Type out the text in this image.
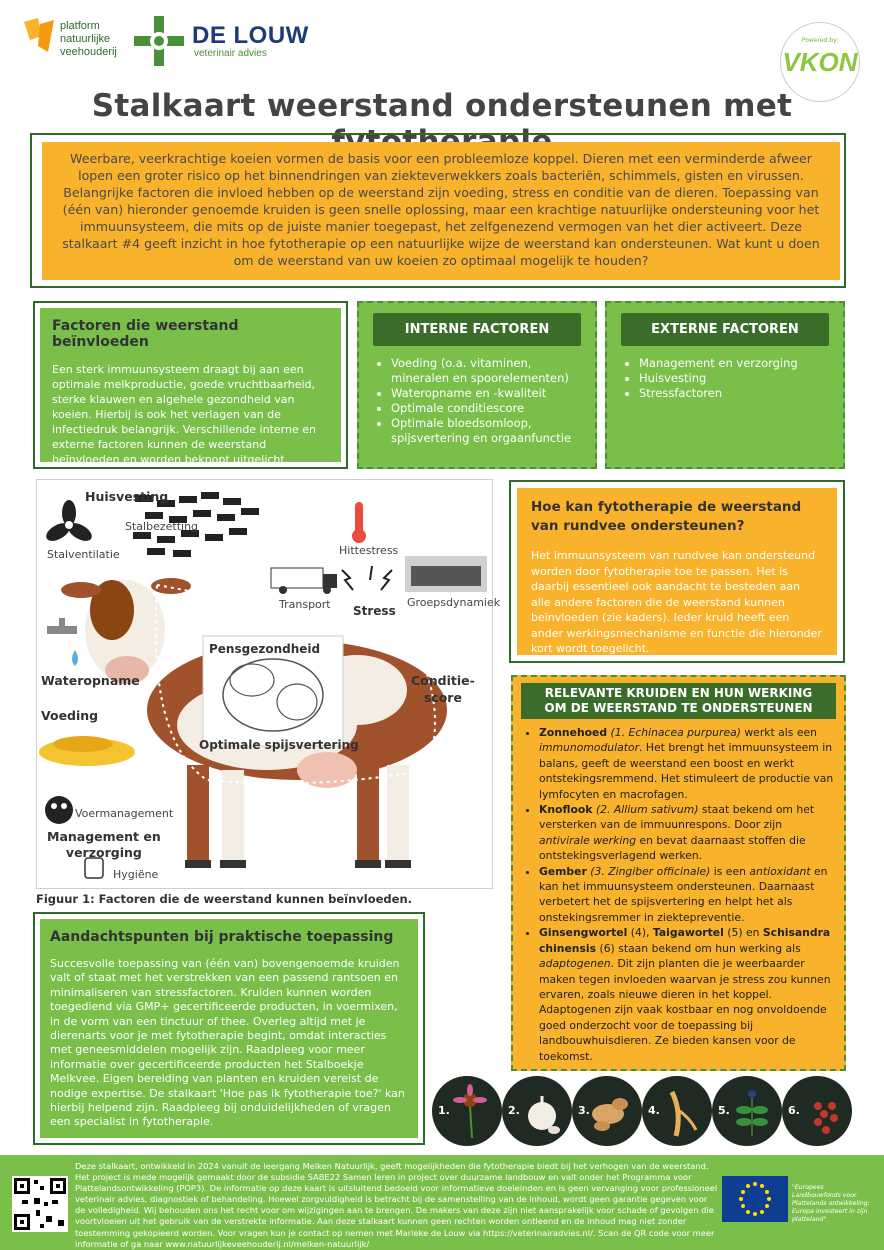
platform
natuurlijke
veehouderij
DE LOUW
veterinair advies
Powered by:
VKON
Stalkaart weerstand ondersteunen met
Weerbare, veerkrachtige koeien vormen de basis voor een probleemloze koppel. Dieren met een verminderde afweer lopen een groter risico op het binnendringen van ziekteverwekkers zoals bacteriën, schimmels, gisten en virussen. Belangrijke factoren die invloed hebben op de weerstand zijn voeding, stress en conditie van de dieren. Toepassing van (één van) hieronder genoemde kruiden is geen snelle oplossing, maar een krachtige natuurlijke ondersteuning voor het immuunsysteem, die mits op de juiste manier toegepast, het zelfgenezend vermogen van het dier activeert. Deze stalkaart #4 geeft inzicht in hoe fytotherapie op een natuurlijke wijze de weerstand kan ondersteunen. Wat kunt u doen om de weerstand van uw koeien zo optimaal mogelijk te houden?
Factoren die weerstand beïnvloeden

Een sterk immuunsysteem draagt bij aan een optimale melkproductie, goede vruchtbaarheid, sterke klauwen en algehele gezondheid van koeien. Hierbij is ook het verlagen van de infectiedruk belangrijk. Verschillende interne en externe factoren kunnen de weerstand beïnvloeden en worden beknopt uitgelicht.

INTERNE FACTOREN
• Voeding (o.a. vitaminen, mineralen en spoorelementen)
• Wateropname en -kwaliteit
• Optimale conditiescore
• Optimale bloedsomloop, spijsvertering en orgaanfunctie
EXTERNE FACTOREN
• Management en verzorging
• Huisvesting
• Stressfactoren
Huisvesting
Stalbezetting
Stalventilatie	Hittestress
Transport Stress
Groepsdynamiek
Pensgezondheid
Wateropname	Conditie-
score
Voeding
Optimale spijsvertering
Voermanagement
Management en
verzorging
Hygiëne
Figuur 1: Factoren die de weerstand kunnen beïnvloeden.
Hoe kan fytotherapie de weerstand van rundvee ondersteunen?

Het immuunsysteem van rundvee kan ondersteund worden door fytotherapie toe te passen. Het is daarbij essentieel ook aandacht te besteden aan alle andere factoren die de weerstand kunnen beïnvloeden (zie kaders). Ieder kruid heeft een ander werkingsmechanisme en functie die hieronder kort wordt toegelicht.

RELEVANTE KRUIDEN EN HUN WERKING
OM DE WEERSTAND TE ONDERSTEUNEN
• Zonnehoed (1. Echinacea purpurea) werkt als een immunomodulator. Het brengt het immuunsysteem in balans, geeft de weerstand een boost en werkt ontstekingsremmend. Het stimuleert de productie van lymfocyten en macrofagen.
• Knoflook (2. Allium sativum) staat bekend om het versterken van de immuunrespons. Door zijn antivirale werking en bevat daarnaast stoffen die ontstekingsverlagend werken.
• Gember (3. Zingiber officinale) is een antioxidant en kan het immuunsysteem ondersteunen. Daarnaast verbetert het de spijsvertering en helpt het als onstekingsremmer in ziektepreventie.
• Ginsengwortel (4), Taigawortel (5) en Schisandra chinensis (6) staan bekend om hun werking als adaptogenen. Dit zijn planten die je weerbaarder maken tegen invloeden waarvan je stress zou kunnen ervaren, zoals nieuwe dieren in het koppel. Adaptogenen zijn vaak kostbaar en nog onvoldoende goed onderzocht voor de toepassing bij landbouwhuisdieren. Ze bieden kansen voor de toekomst.
Aandachtspunten bij praktische toepassing

Succesvolle toepassing van (één van) bovengenoemde kruiden valt of staat met het verstrekken van een passend rantsoen en minimaliseren van stressfactoren. Kruiden kunnen worden toegediend via GMP+ gecertificeerde producten, in voermixen, in de vorm van een tinctuur of thee. Overleg altijd met je dierenarts voor je met fytotherapie begint, omdat interacties met geneesmiddelen mogelijk zijn. Raadpleeg voor meer informatie over gecertificeerde producten het Stalboekje Melkvee. Eigen bereiding van planten en kruiden vereist de nodige expertise. De stalkaart 'Hoe pas ik fytotherapie toe?' kan hierbij helpend zijn. Raadpleeg bij onduidelijkheden of vragen een specialist in fytotherapie.

1.	2.	3.	4.	5.	6.
Deze stalkaart, ontwikkeld in 2024 vanuit de leergang Melken Natuurlijk, geeft mogelijkheden die fytotherapie biedt bij het verhogen van de weerstand. Het project is mede mogelijk gemaakt door de subsidie SABE22 Samen leren in project over duurzame landbouw en valt onder het Programma voor Plattelandsontwikkeling (POP3). De informatie op deze kaart is uitsluitend bedoeld voor informatieve doeleinden en is geen vervanging voor professioneel veterinair advies, diagnostiek of behandeling. Hoewel zorgvuldigheid is betracht bij de samenstelling van de inhoud, wordt geen garantie gegeven voor de volledigheid. Wij behouden ons het recht voor om wijzigingen aan te brengen. De makers van deze zijn niet aansprakelijk voor schade of gevolgen die voortvloeien uit het gebruik van de verstrekte informatie. Aan deze stalkaart kunnen geen rechten worden ontleend en de inhoud mag niet zonder toestemming gekopieerd worden. Voor vragen kun je contact op nemen met Marieke de Louw via https://veterinairadvies.nl/. Scan de QR code voor meer informatie of ga naar www.natuurlijkeveehouderij.nl/melken-natuurlijk/
"Europees Landbouwfonds voor Plattelands ontwikkeling: Europa investeert in zijn platteland"
